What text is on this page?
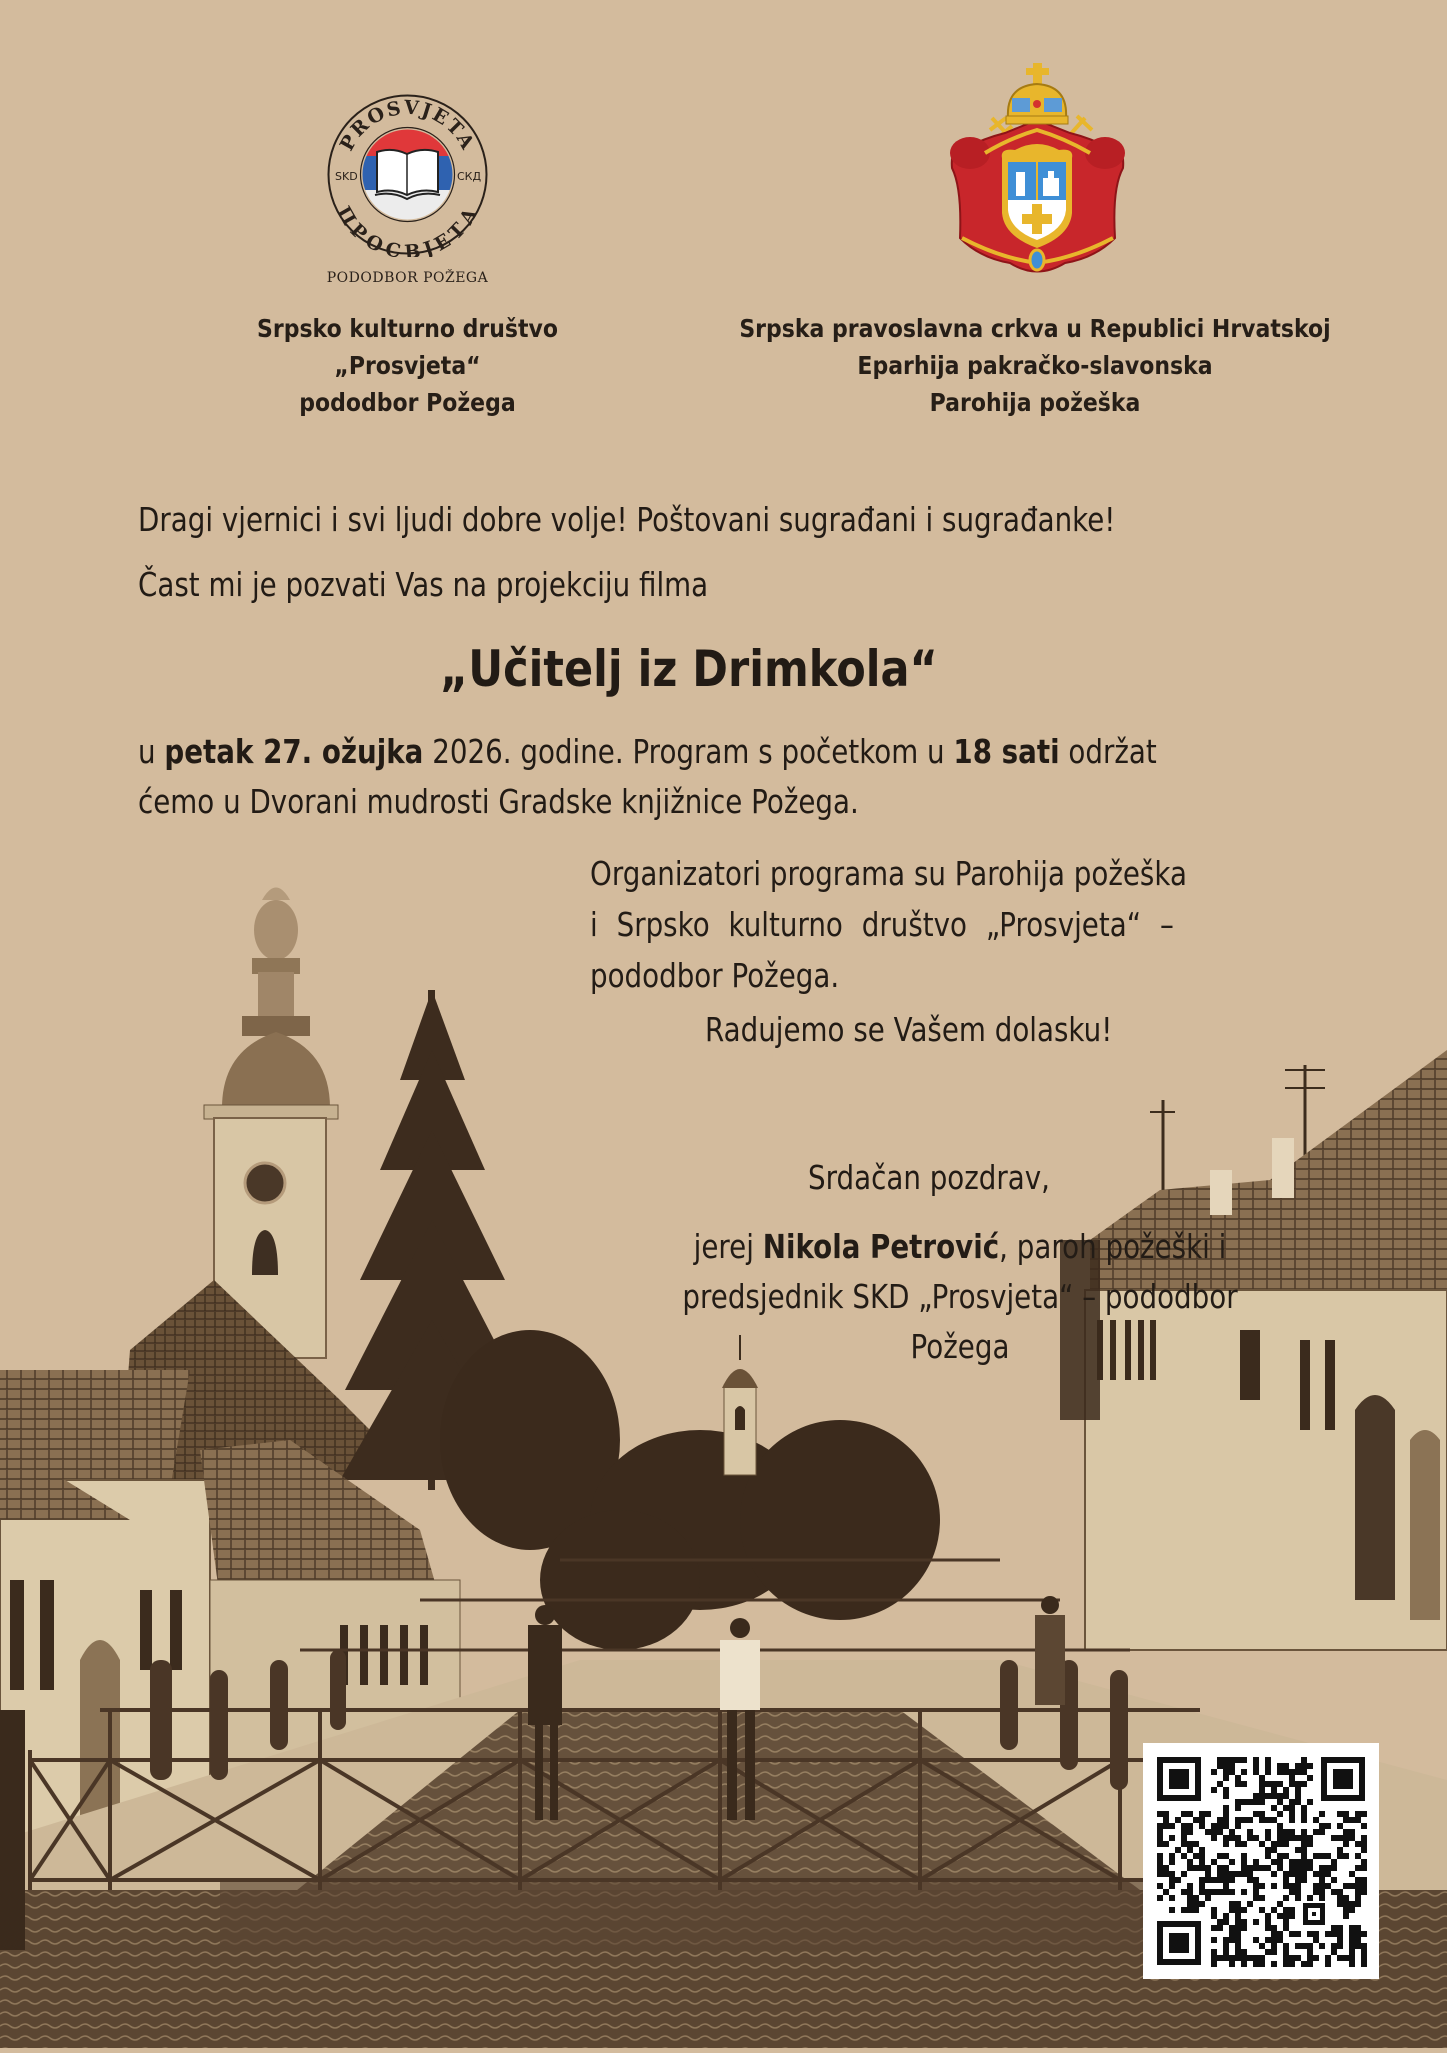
SKD	СКД
PROSVJETA
ПРОСВЈЕТА
PODODBOR POŽEGA
Srpsko kulturno društvo
„Prosvjeta“
pododbor Požega
Srpska pravoslavna crkva u Republici Hrvatskoj
Eparhija pakračko-slavonska
Parohija požeška
Dragi vjernici i svi ljudi dobre volje! Poštovani sugrađani i sugrađanke!
Čast mi je pozvati Vas na projekciju filma
„Učitelj iz Drimkola“
u petak 27. ožujka 2026. godine. Program s početkom u 18 sati održat
ćemo u Dvorani mudrosti Gradske knjižnice Požega.
Organizatori programa su Parohija požeška
i Srpsko kulturno društvo „Prosvjeta“ –
pododbor Požega.
Radujemo se Vašem dolasku!
Srdačan pozdrav,
jerej Nikola Petrović, paroh požeški i
predsjednik SKD „Prosvjeta“ – pododbor
Požega
